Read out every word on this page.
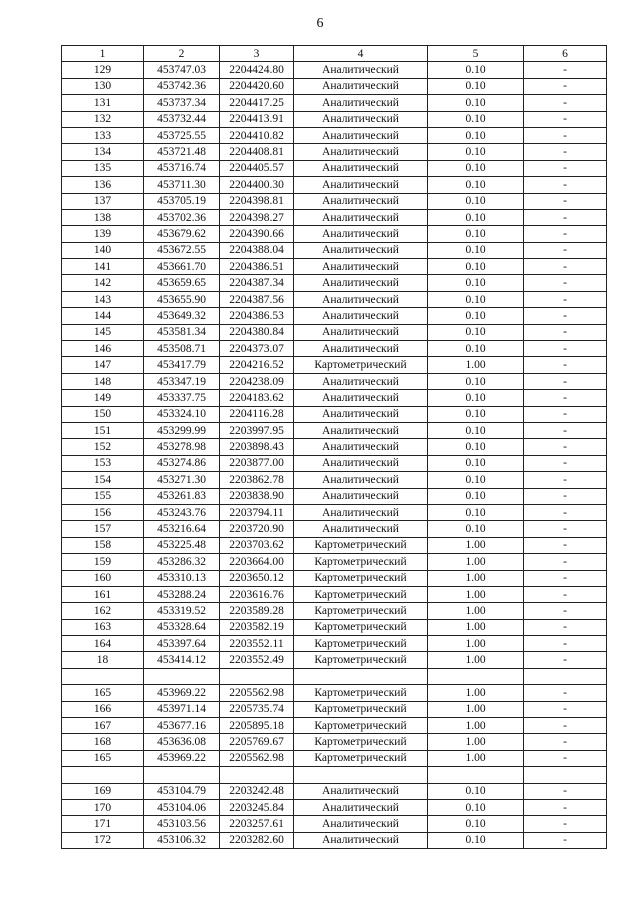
6
1	2	3	4	5	6
129	453747.03	2204424.80	Аналитический	0.10	-
130	453742.36	2204420.60	Аналитический	0.10	-
131	453737.34	2204417.25	Аналитический	0.10	-
132	453732.44	2204413.91	Аналитический	0.10	-
133	453725.55	2204410.82	Аналитический	0.10	-
134	453721.48	2204408.81	Аналитический	0.10	-
135	453716.74	2204405.57	Аналитический	0.10	-
136	453711.30	2204400.30	Аналитический	0.10	-
137	453705.19	2204398.81	Аналитический	0.10	-
138	453702.36	2204398.27	Аналитический	0.10	-
139	453679.62	2204390.66	Аналитический	0.10	-
140	453672.55	2204388.04	Аналитический	0.10	-
141	453661.70	2204386.51	Аналитический	0.10	-
142	453659.65	2204387.34	Аналитический	0.10	-
143	453655.90	2204387.56	Аналитический	0.10	-
144	453649.32	2204386.53	Аналитический	0.10	-
145	453581.34	2204380.84	Аналитический	0.10	-
146	453508.71	2204373.07	Аналитический	0.10	-
147	453417.79	2204216.52	Картометрический	1.00	-
148	453347.19	2204238.09	Аналитический	0.10	-
149	453337.75	2204183.62	Аналитический	0.10	-
150	453324.10	2204116.28	Аналитический	0.10	-
151	453299.99	2203997.95	Аналитический	0.10	-
152	453278.98	2203898.43	Аналитический	0.10	-
153	453274.86	2203877.00	Аналитический	0.10	-
154	453271.30	2203862.78	Аналитический	0.10	-
155	453261.83	2203838.90	Аналитический	0.10	-
156	453243.76	2203794.11	Аналитический	0.10	-
157	453216.64	2203720.90	Аналитический	0.10	-
158	453225.48	2203703.62	Картометрический	1.00	-
159	453286.32	2203664.00	Картометрический	1.00	-
160	453310.13	2203650.12	Картометрический	1.00	-
161	453288.24	2203616.76	Картометрический	1.00	-
162	453319.52	2203589.28	Картометрический	1.00	-
163	453328.64	2203582.19	Картометрический	1.00	-
164	453397.64	2203552.11	Картометрический	1.00	-
18	453414.12	2203552.49	Картометрический	1.00	-

165	453969.22	2205562.98	Картометрический	1.00	-
166	453971.14	2205735.74	Картометрический	1.00	-
167	453677.16	2205895.18	Картометрический	1.00	-
168	453636.08	2205769.67	Картометрический	1.00	-
165	453969.22	2205562.98	Картометрический	1.00	-

169	453104.79	2203242.48	Аналитический	0.10	-
170	453104.06	2203245.84	Аналитический	0.10	-
171	453103.56	2203257.61	Аналитический	0.10	-
172	453106.32	2203282.60	Аналитический	0.10	-
